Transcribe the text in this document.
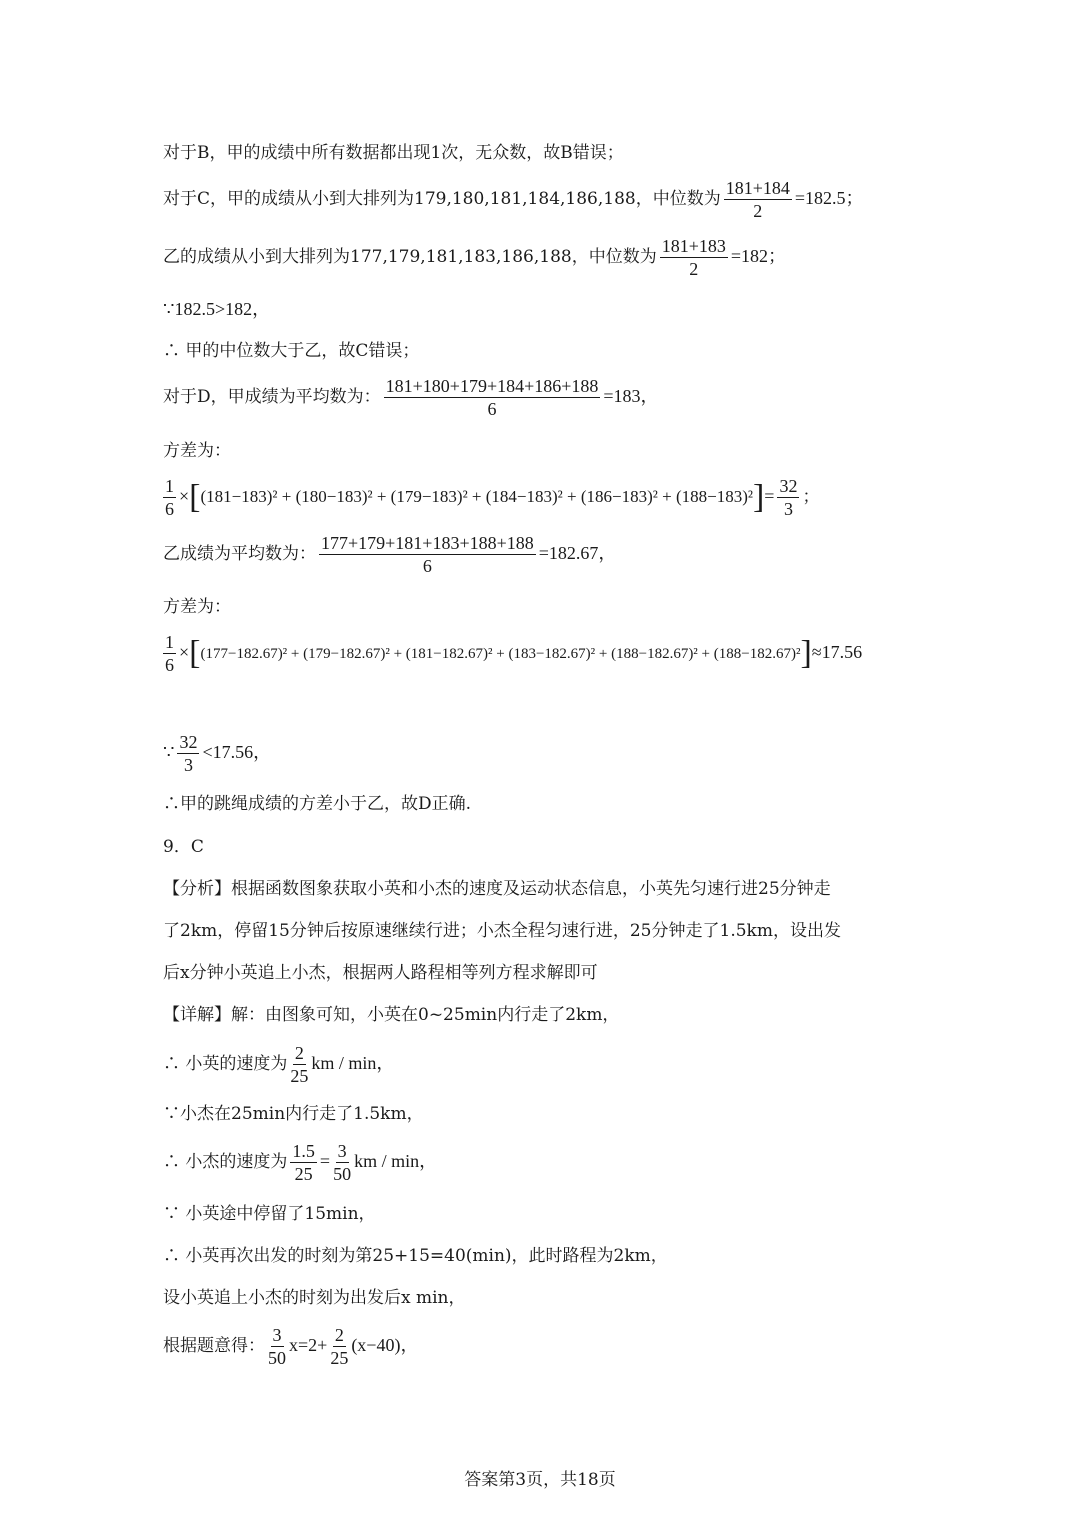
对于B，甲的成绩中所有数据都出现1次，无众数，故B错误；
对于C，甲的成绩从小到大排列为179,180,181,184,186,188，中位数为 $\frac{181+184}{2} =182.5$；
乙的成绩从小到大排列为177,179,181,183,186,188，中位数为 $\frac{181+183}{2} =182$；
∵182.5>182，
∴ 甲的中位数大于乙，故C错误；
对于D，甲成绩为平均数为： $\frac{181+180+179+184+186+188}{6} =183$，
方差为：
$\frac{1}{6} \times[(181-183)^2 + (180-183)^2 + (179-183)^2 + (184-183)^2 + (186-183)^2 + (188-183)^2]= \frac{32}{3}$ ；
乙成绩为平均数为： $\frac{177+179+181+183+188+188}{6} =182.67$，
方差为：
$\frac{1}{6} \times[(177-182.67)^2 + (179-182.67)^2 + (181-182.67)^2 + (183-182.67)^2 + (188-182.67)^2 + (188-182.67)^2]\approx 17.56$
∵ $\frac{32}{3} <17.56$，
∴甲的跳绳成绩的方差小于乙，故D正确.
9．C
【分析】根据函数图象获取小英和小杰的速度及运动状态信息，小英先匀速行进25分钟走
了2km，停留15分钟后按原速继续行进；小杰全程匀速行进，25分钟走了1.5km，设出发
后x分钟小英追上小杰，根据两人路程相等列方程求解即可
【详解】解：由图象可知，小英在0~25min内行走了2km，
∴ 小英的速度为 $\frac{2}{25}$ km / min，
∵小杰在25min内行走了1.5km，
∴ 小杰的速度为 $\frac{1.5}{25} = \frac{3}{50}$ km / min，
∵ 小英途中停留了15min，
∴ 小英再次出发的时刻为第25+15=40(min)，此时路程为2km，
设小英追上小杰的时刻为出发后x min，
根据题意得： $\frac{3}{50} x=2+ \frac{2}{25} (x-40)$，
答案第3页，共18页
